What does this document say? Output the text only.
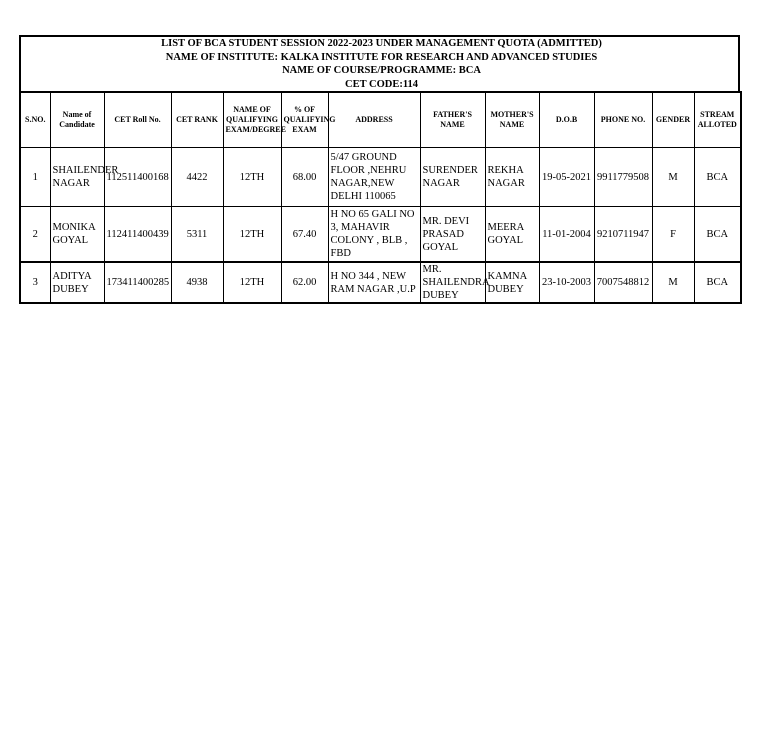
LIST OF BCA STUDENT SESSION 2022-2023 UNDER MANAGEMENT QUOTA (ADMITTED)
NAME OF INSTITUTE: KALKA INSTITUTE FOR RESEARCH AND ADVANCED STUDIES
NAME OF COURSE/PROGRAMME: BCA
CET CODE:114
S.NO.	Name of Candidate	CET Roll No.	CET RANK	NAME OF QUALIFYING EXAM/DEGREE	% OF QUALIFYING EXAM	ADDRESS	FATHER'S NAME	MOTHER'S NAME	D.O.B	PHONE NO.	GENDER	STREAM ALLOTED
1	SHAILENDER NAGAR	112511400168	4422	12TH	68.00	5/47 GROUND FLOOR ,NEHRU NAGAR,NEW DELHI 110065	SURENDER NAGAR	REKHA NAGAR	19-05-2021	9911779508	M	BCA
2	MONIKA GOYAL	112411400439	5311	12TH	67.40	H NO 65 GALI NO 3, MAHAVIR COLONY , BLB , FBD	MR. DEVI PRASAD GOYAL	MEERA GOYAL	11-01-2004	9210711947	F	BCA
3	ADITYA DUBEY	173411400285	4938	12TH	62.00	H NO 344 , NEW RAM NAGAR ,U.P	MR. SHAILENDRA DUBEY	KAMNA DUBEY	23-10-2003	7007548812	M	BCA
